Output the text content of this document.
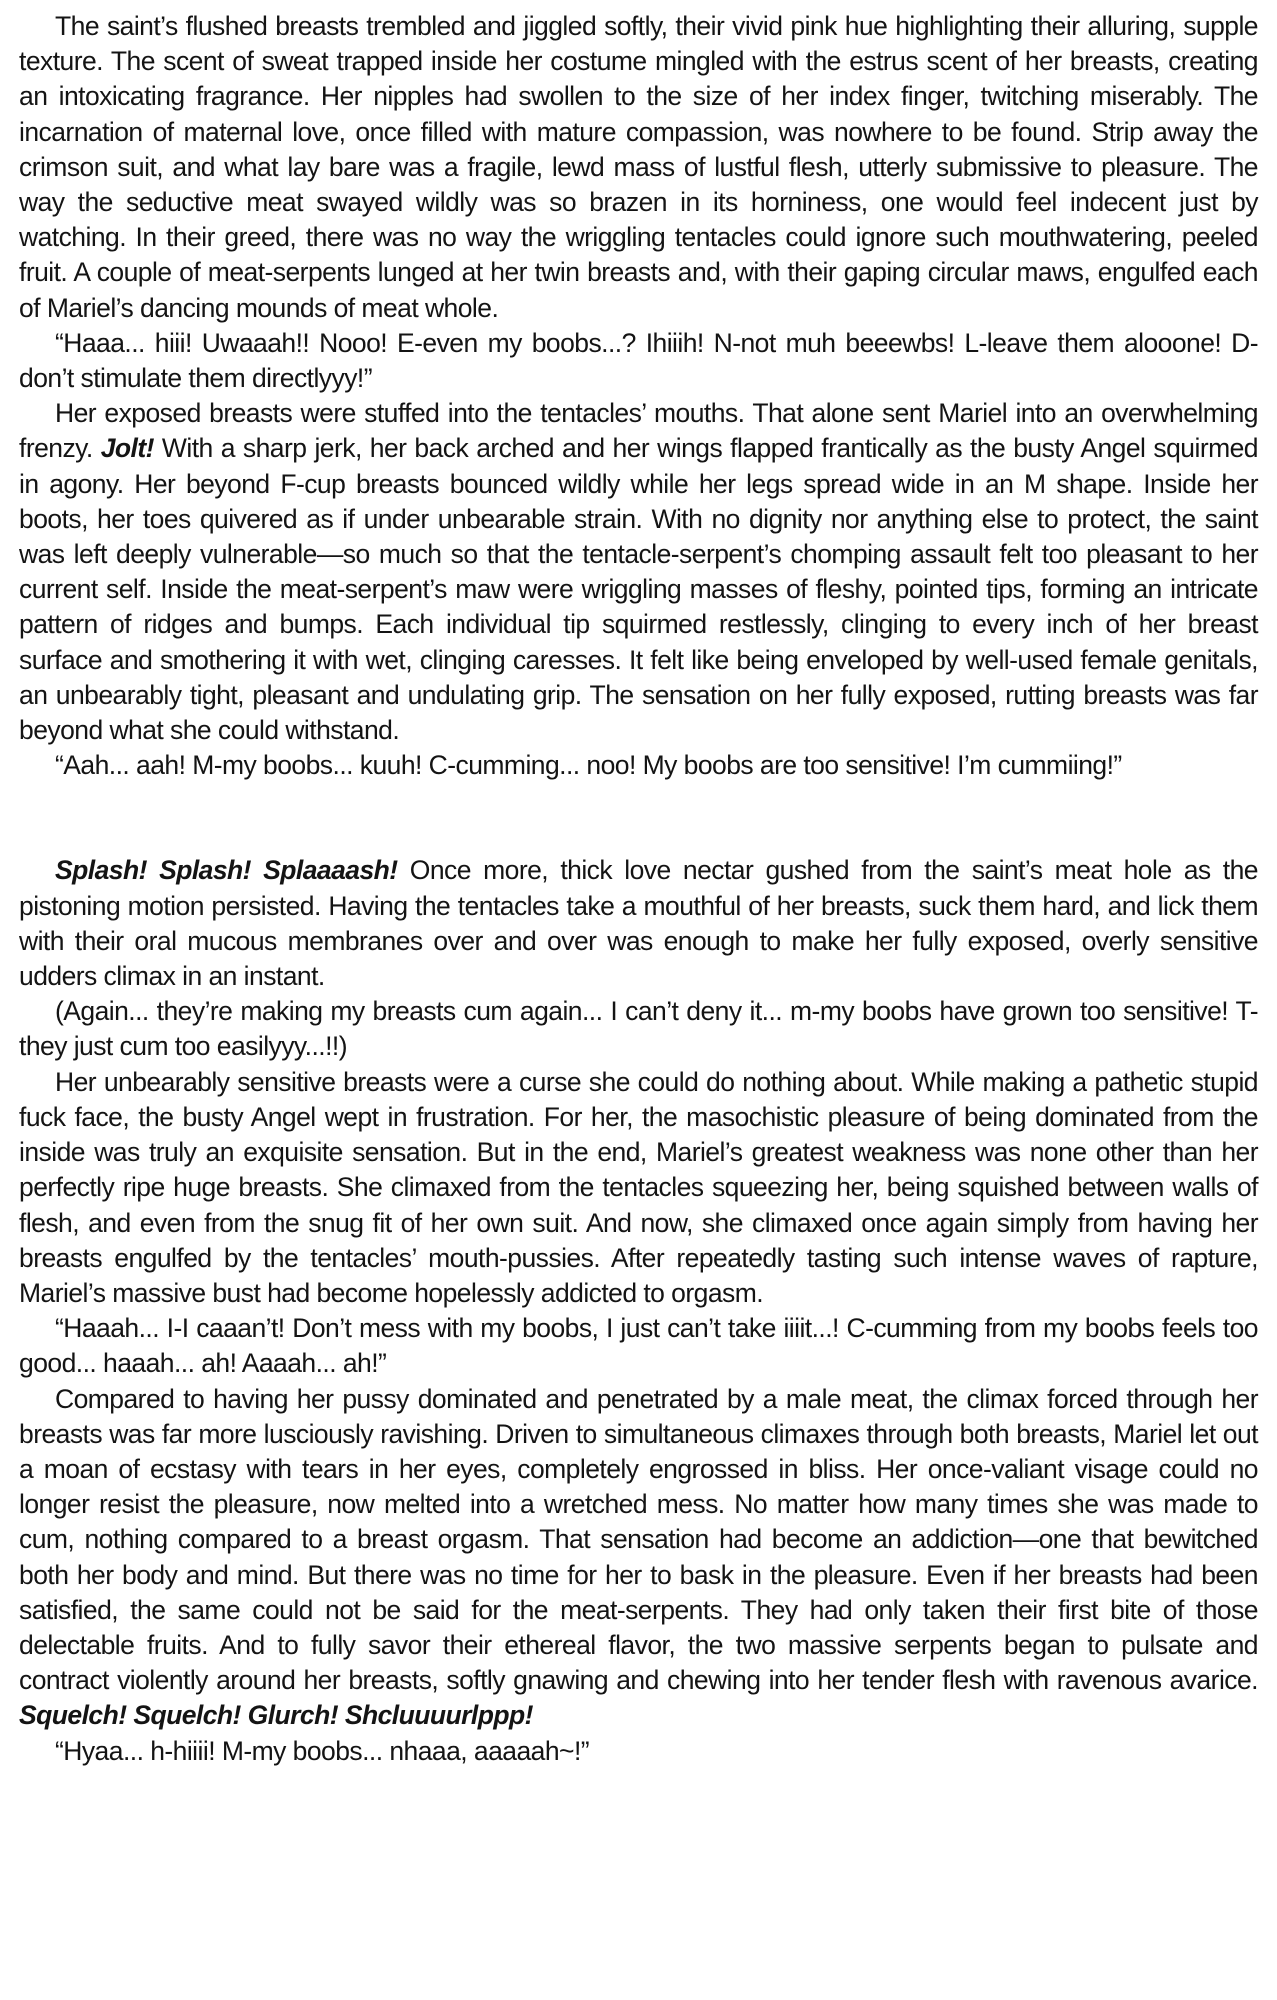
The saint’s flushed breasts trembled and jiggled softly, their vivid pink hue highlighting their alluring, supple texture. The scent of sweat trapped inside her costume mingled with the estrus scent of her breasts, creating an intoxicating fragrance. Her nipples had swollen to the size of her index finger, twitching miserably. The incarnation of maternal love, once filled with mature compassion, was nowhere to be found. Strip away the crimson suit, and what lay bare was a fragile, lewd mass of lustful flesh, utterly submissive to pleasure. The way the seductive meat swayed wildly was so brazen in its horniness, one would feel indecent just by watching. In their greed, there was no way the wriggling tentacles could ignore such mouthwatering, peeled fruit. A couple of meat-serpents lunged at her twin breasts and, with their gaping circular maws, engulfed each of Mariel’s dancing mounds of meat whole.

“Haaa... hiii! Uwaaah!! Nooo! E-even my boobs...? Ihiiih! N-not muh beeewbs! L-leave them alooone! D-don’t stimulate them directlyyy!”

Her exposed breasts were stuffed into the tentacles’ mouths. That alone sent Mariel into an overwhelming frenzy. Jolt! With a sharp jerk, her back arched and her wings flapped frantically as the busty Angel squirmed in agony. Her beyond F-cup breasts bounced wildly while her legs spread wide in an M shape. Inside her boots, her toes quivered as if under unbearable strain. With no dignity nor anything else to protect, the saint was left deeply vulnerable—so much so that the tentacle-serpent’s chomping assault felt too pleasant to her current self. Inside the meat-serpent’s maw were wriggling masses of fleshy, pointed tips, forming an intricate pattern of ridges and bumps. Each individual tip squirmed restlessly, clinging to every inch of her breast surface and smothering it with wet, clinging caresses. It felt like being enveloped by well-used female genitals, an unbearably tight, pleasant and undulating grip. The sensation on her fully exposed, rutting breasts was far beyond what she could withstand.

“Aah... aah! M-my boobs... kuuh! C-cumming... noo! My boobs are too sensitive! I’m cummiing!”

Splash! Splash! Splaaaash! Once more, thick love nectar gushed from the saint’s meat hole as the pistoning motion persisted. Having the tentacles take a mouthful of her breasts, suck them hard, and lick them with their oral mucous membranes over and over was enough to make her fully exposed, overly sensitive udders climax in an instant.

(Again... they’re making my breasts cum again... I can’t deny it... m-my boobs have grown too sensitive! T-they just cum too easilyyy...!!)

Her unbearably sensitive breasts were a curse she could do nothing about. While making a pathetic stupid fuck face, the busty Angel wept in frustration. For her, the masochistic pleasure of being dominated from the inside was truly an exquisite sensation. But in the end, Mariel’s greatest weakness was none other than her perfectly ripe huge breasts. She climaxed from the tentacles squeezing her, being squished between walls of flesh, and even from the snug fit of her own suit. And now, she climaxed once again simply from having her breasts engulfed by the tentacles’ mouth-pussies. After repeatedly tasting such intense waves of rapture, Mariel’s massive bust had become hopelessly addicted to orgasm.

“Haaah... I-I caaan’t! Don’t mess with my boobs, I just can’t take iiiit...! C-cumming from my boobs feels too good... haaah... ah! Aaaah... ah!”

Compared to having her pussy dominated and penetrated by a male meat, the climax forced through her breasts was far more lusciously ravishing. Driven to simultaneous climaxes through both breasts, Mariel let out a moan of ecstasy with tears in her eyes, completely engrossed in bliss. Her once-valiant visage could no longer resist the pleasure, now melted into a wretched mess. No matter how many times she was made to cum, nothing compared to a breast orgasm. That sensation had become an addiction—one that bewitched both her body and mind. But there was no time for her to bask in the pleasure. Even if her breasts had been satisfied, the same could not be said for the meat-serpents. They had only taken their first bite of those delectable fruits. And to fully savor their ethereal flavor, the two massive serpents began to pulsate and contract violently around her breasts, softly gnawing and chewing into her tender flesh with ravenous avarice. Squelch! Squelch! Glurch! Shcluuuurlppp!

“Hyaa... h-hiiii! M-my boobs... nhaaa, aaaaah~!”
